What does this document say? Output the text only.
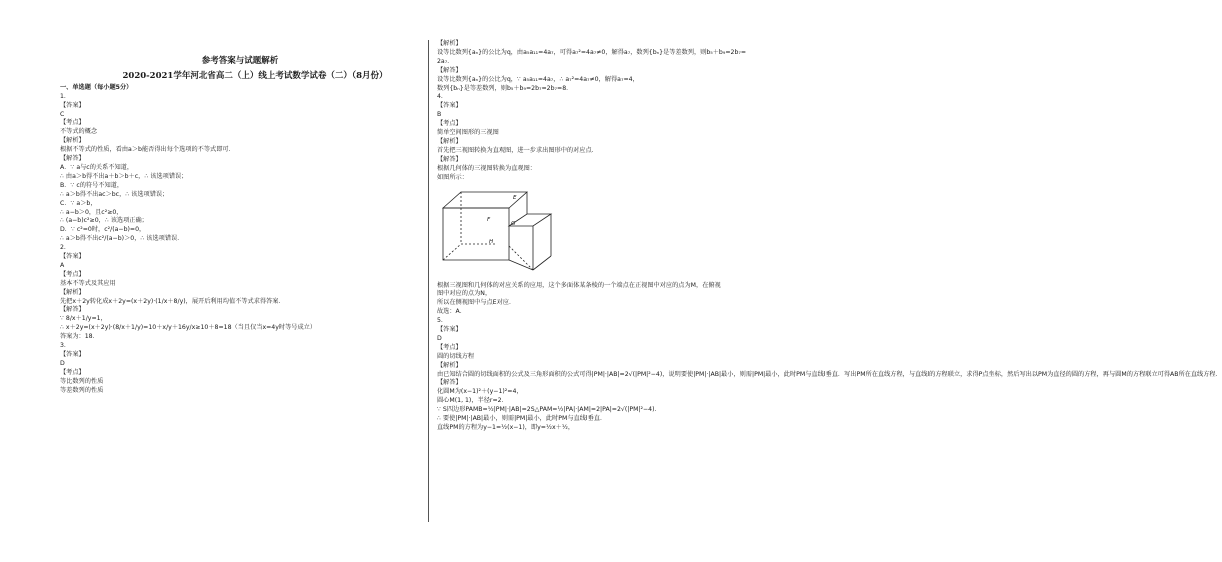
参考答案与试题解析
2020-2021学年河北省高二（上）线上考试数学试卷（二）（8月份）
一、单选题（每小题5分）
1.
【答案】
C
【考点】
不等式的概念
【解析】
根据不等式的性质，看由a＞b能否得出每个选项的不等式即可．
【解答】
A．∵ a与c的关系不知道，
∴ 由a＞b得不出a＋b＞b＋c，∴ 该选项错误；
B．∵ c的符号不知道，
∴ a＞b得不出ac＞bc，∴ 该选项错误；
C．∵ a＞b，
∴ a−b＞0，且c²≥0，
∴ (a−b)c²≥0，∴ 该选项正确；
D．∵ c²=0时，c²/(a−b)=0，
∴ a＞b得不出c²/(a−b)＞0，∴ 该选项错误．
2.
【答案】
A
【考点】
基本不等式及其应用
【解析】
先把x＋2y转化成x＋2y=(x＋2y)·(1/x＋8/y)，展开后利用均值不等式求得答案．
【解答】
∵ 8/x＋1/y=1，
∴ x＋2y=(x＋2y)·(8/x＋1/y)=10＋x/y＋16y/x≥10＋8=18（当且仅当x=4y时等号成立）
答案为：18．
3.
【答案】
D
【考点】
等比数列的性质
等差数列的性质
【解析】
设等比数列{aₙ}的公比为q，由a₅a₁₁=4a₇，可得a₇²=4a₇≠0，解得a₇，数列{bₙ}是等差数列，则b₅＋b₉=2b₇=
2a₇．
【解答】
设等比数列{aₙ}的公比为q，∵ a₅a₁₁=4a₇，∴ a₇²=4a₇≠0，解得a₇=4，
数列{bₙ}是等差数列，则b₅＋b₉=2b₇=2b₇=8．
4.
【答案】
B
【考点】
简单空间图形的三视图
【解析】
首先把三视图转换为直观图，进一步求出图形中的对应点．
【解答】
根据几何体的三视图转换为直观图：
如图所示：
E
F
G
H
根据三视图和几何体的对应关系的应用，这个多面体某条棱的一个端点在正视图中对应的点为M，在俯视
图中对应的点为N，
所以在侧视图中与点E对应．
故选：A．
5.
【答案】
D
【考点】
圆的切线方程
【解析】
由已知结合圆的切线面积的公式及三角形面积的公式可得|PM|·|AB|=2√(|PM|²−4)，说明要使|PM|·|AB|最小，则需|PM|最小，此时PM与直线l垂直．写出PM所在直线方程，与直线l的方程联立，求得P点坐标，然后写出以PM为直径的圆的方程，再与圆M的方程联立可得AB所在直线方程．
【解答】
化圆M为(x−1)²＋(y−1)²=4，
圆心M(1, 1)，半径r=2．
∵ S四边形PAMB=½|PM|·|AB|=2S△PAM=½|PA|·|AM|=2|PA|=2√(|PM|²−4)．
∴ 要使|PM|·|AB|最小，则需|PM|最小，此时PM与直线l垂直．
直线PM的方程为y−1=½(x−1)，即y=½x＋½，
